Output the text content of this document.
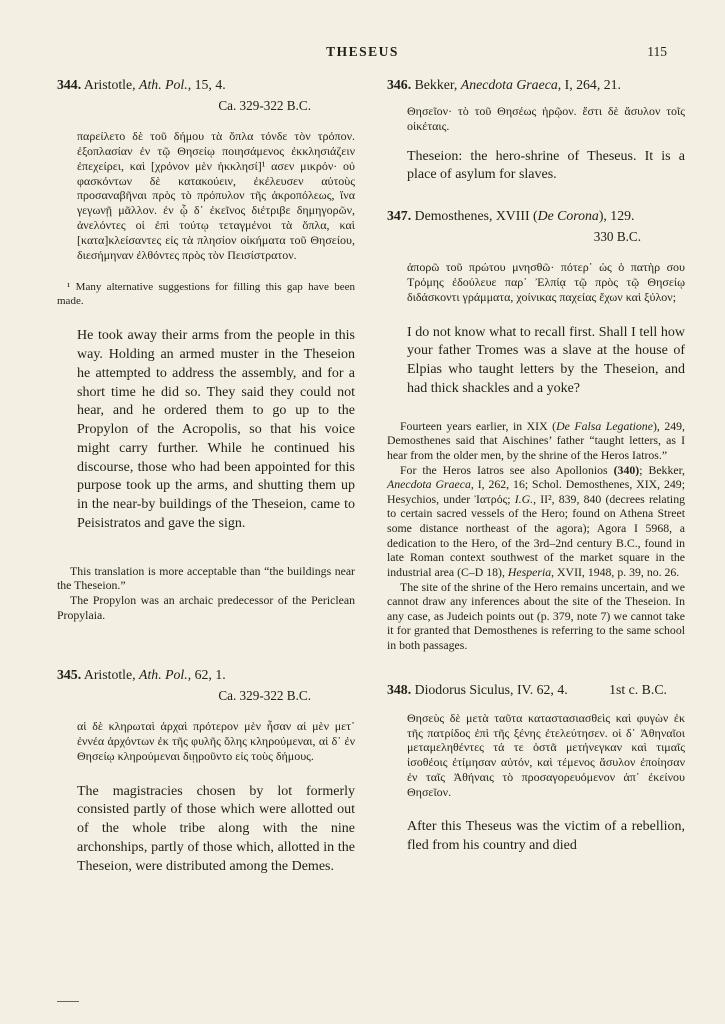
THESEUS	115
344. Aristotle, Ath. Pol., 15, 4.
Ca. 329-322 B.C.

παρείλετο δὲ τοῦ δήμου τὰ ὅπλα τόνδε τὸν τρόπον. ἐξοπλασίαν ἐν τῷ Θησείῳ ποιησάμενος ἐκκλησιάζειν ἐπεχείρει, καὶ [χρόνον μὲν ἠκκλησί]¹ ασεν μικρόν· οὐ φασκόντων δὲ κατακούειν, ἐκέλευσεν αὐτοὺς προσαναβῆναι πρὸς τὸ πρόπυλον τῆς ἀκροπόλεως, ἵνα γεγωνῇ μᾶλλον. ἐν ᾧ δ᾽ ἐκεῖνος διέτριβε δημηγορῶν, ἀνελόντες οἱ ἐπὶ τούτῳ τεταγμένοι τὰ ὅπλα, καὶ [κατα]κλείσαντες εἰς τὰ πλησίον οἰκήματα τοῦ Θησείου, διεσήμηναν ἐλθόντες πρὸς τὸν Πεισίστρατον.

¹ Many alternative suggestions for filling this gap have been made.

He took away their arms from the people in this way. Holding an armed muster in the Theseion he attempted to address the assembly, and for a short time he did so. They said they could not hear, and he ordered them to go up to the Propylon of the Acropolis, so that his voice might carry further. While he continued his discourse, those who had been appointed for this purpose took up the arms, and shutting them up in the near-by buildings of the Theseion, came to Peisistratos and gave the sign.

This translation is more acceptable than “the buildings near the Theseion.”

The Propylon was an archaic predecessor of the Periclean Propylaia.

345. Aristotle, Ath. Pol., 62, 1.
Ca. 329-322 B.C.

αἱ δὲ κληρωταὶ ἀρχαὶ πρότερον μὲν ἦσαν αἱ μὲν μετ᾽ ἐννέα ἀρχόντων ἐκ τῆς φυλῆς ὅλης κληρούμεναι, αἱ δ᾽ ἐν Θησείῳ κληρούμεναι διῃροῦντο εἰς τοὺς δήμους.

The magistracies chosen by lot formerly consisted partly of those which were allotted out of the whole tribe along with the nine archonships, partly of those which, allotted in the Theseion, were distributed among the Demes.

346. Bekker, Anecdota Graeca, I, 264, 21.

Θησεῖον· τὸ τοῦ Θησέως ἡρῷον. ἔστι δὲ ἄσυλον τοῖς οἰκέταις.

Theseion: the hero-shrine of Theseus. It is a place of asylum for slaves.

347. Demosthenes, XVIII (De Corona), 129.
330 B.C.

ἀπορῶ τοῦ πρώτου μνησθῶ· πότερ᾽ ὡς ὁ πατὴρ σου Τρόμης ἐδούλευε παρ᾽ Ἐλπίᾳ τῷ πρὸς τῷ Θησείῳ διδάσκοντι γράμματα, χοίνικας παχείας ἔχων καὶ ξύλον;

I do not know what to recall first. Shall I tell how your father Tromes was a slave at the house of Elpias who taught letters by the Theseion, and had thick shackles and a yoke?

Fourteen years earlier, in XIX (De Falsa Legatione), 249, Demosthenes said that Aischines’ father “taught letters, as I hear from the older men, by the shrine of the Heros Iatros.”

For the Heros Iatros see also Apollonios (340); Bekker, Anecdota Graeca, I, 262, 16; Schol. Demosthenes, XIX, 249; Hesychios, under Ἰατρός; I.G., II², 839, 840 (decrees relating to certain sacred vessels of the Hero; found on Athena Street some distance northeast of the agora); Agora I 5968, a dedication to the Hero, of the 3rd–2nd century B.C., found in late Roman context southwest of the market square in the industrial area (C–D 18), Hesperia, XVII, 1948, p. 39, no. 26.

The site of the shrine of the Hero remains uncertain, and we cannot draw any inferences about the site of the Theseion. In any case, as Judeich points out (p. 379, note 7) we cannot take it for granted that Demosthenes is referring to the same school in both passages.

348. Diodorus Siculus, IV. 62, 4.	1st c. B.C.

Θησεὺς δὲ μετὰ ταῦτα καταστασιασθεὶς καὶ φυγὼν ἐκ τῆς πατρίδος ἐπὶ τῆς ξένης ἐτελεύτησεν. οἱ δ᾽ Ἀθηναῖοι μεταμεληθέντες τά τε ὀστᾶ μετήνεγκαν καὶ τιμαῖς ἰσοθέοις ἐτίμησαν αὐτόν, καὶ τέμενος ἄσυλον ἐποίησαν ἐν ταῖς Ἀθήναις τὸ προσαγορευόμενον ἀπ᾽ ἐκείνου Θησεῖον.

After this Theseus was the victim of a rebellion, fled from his country and died
